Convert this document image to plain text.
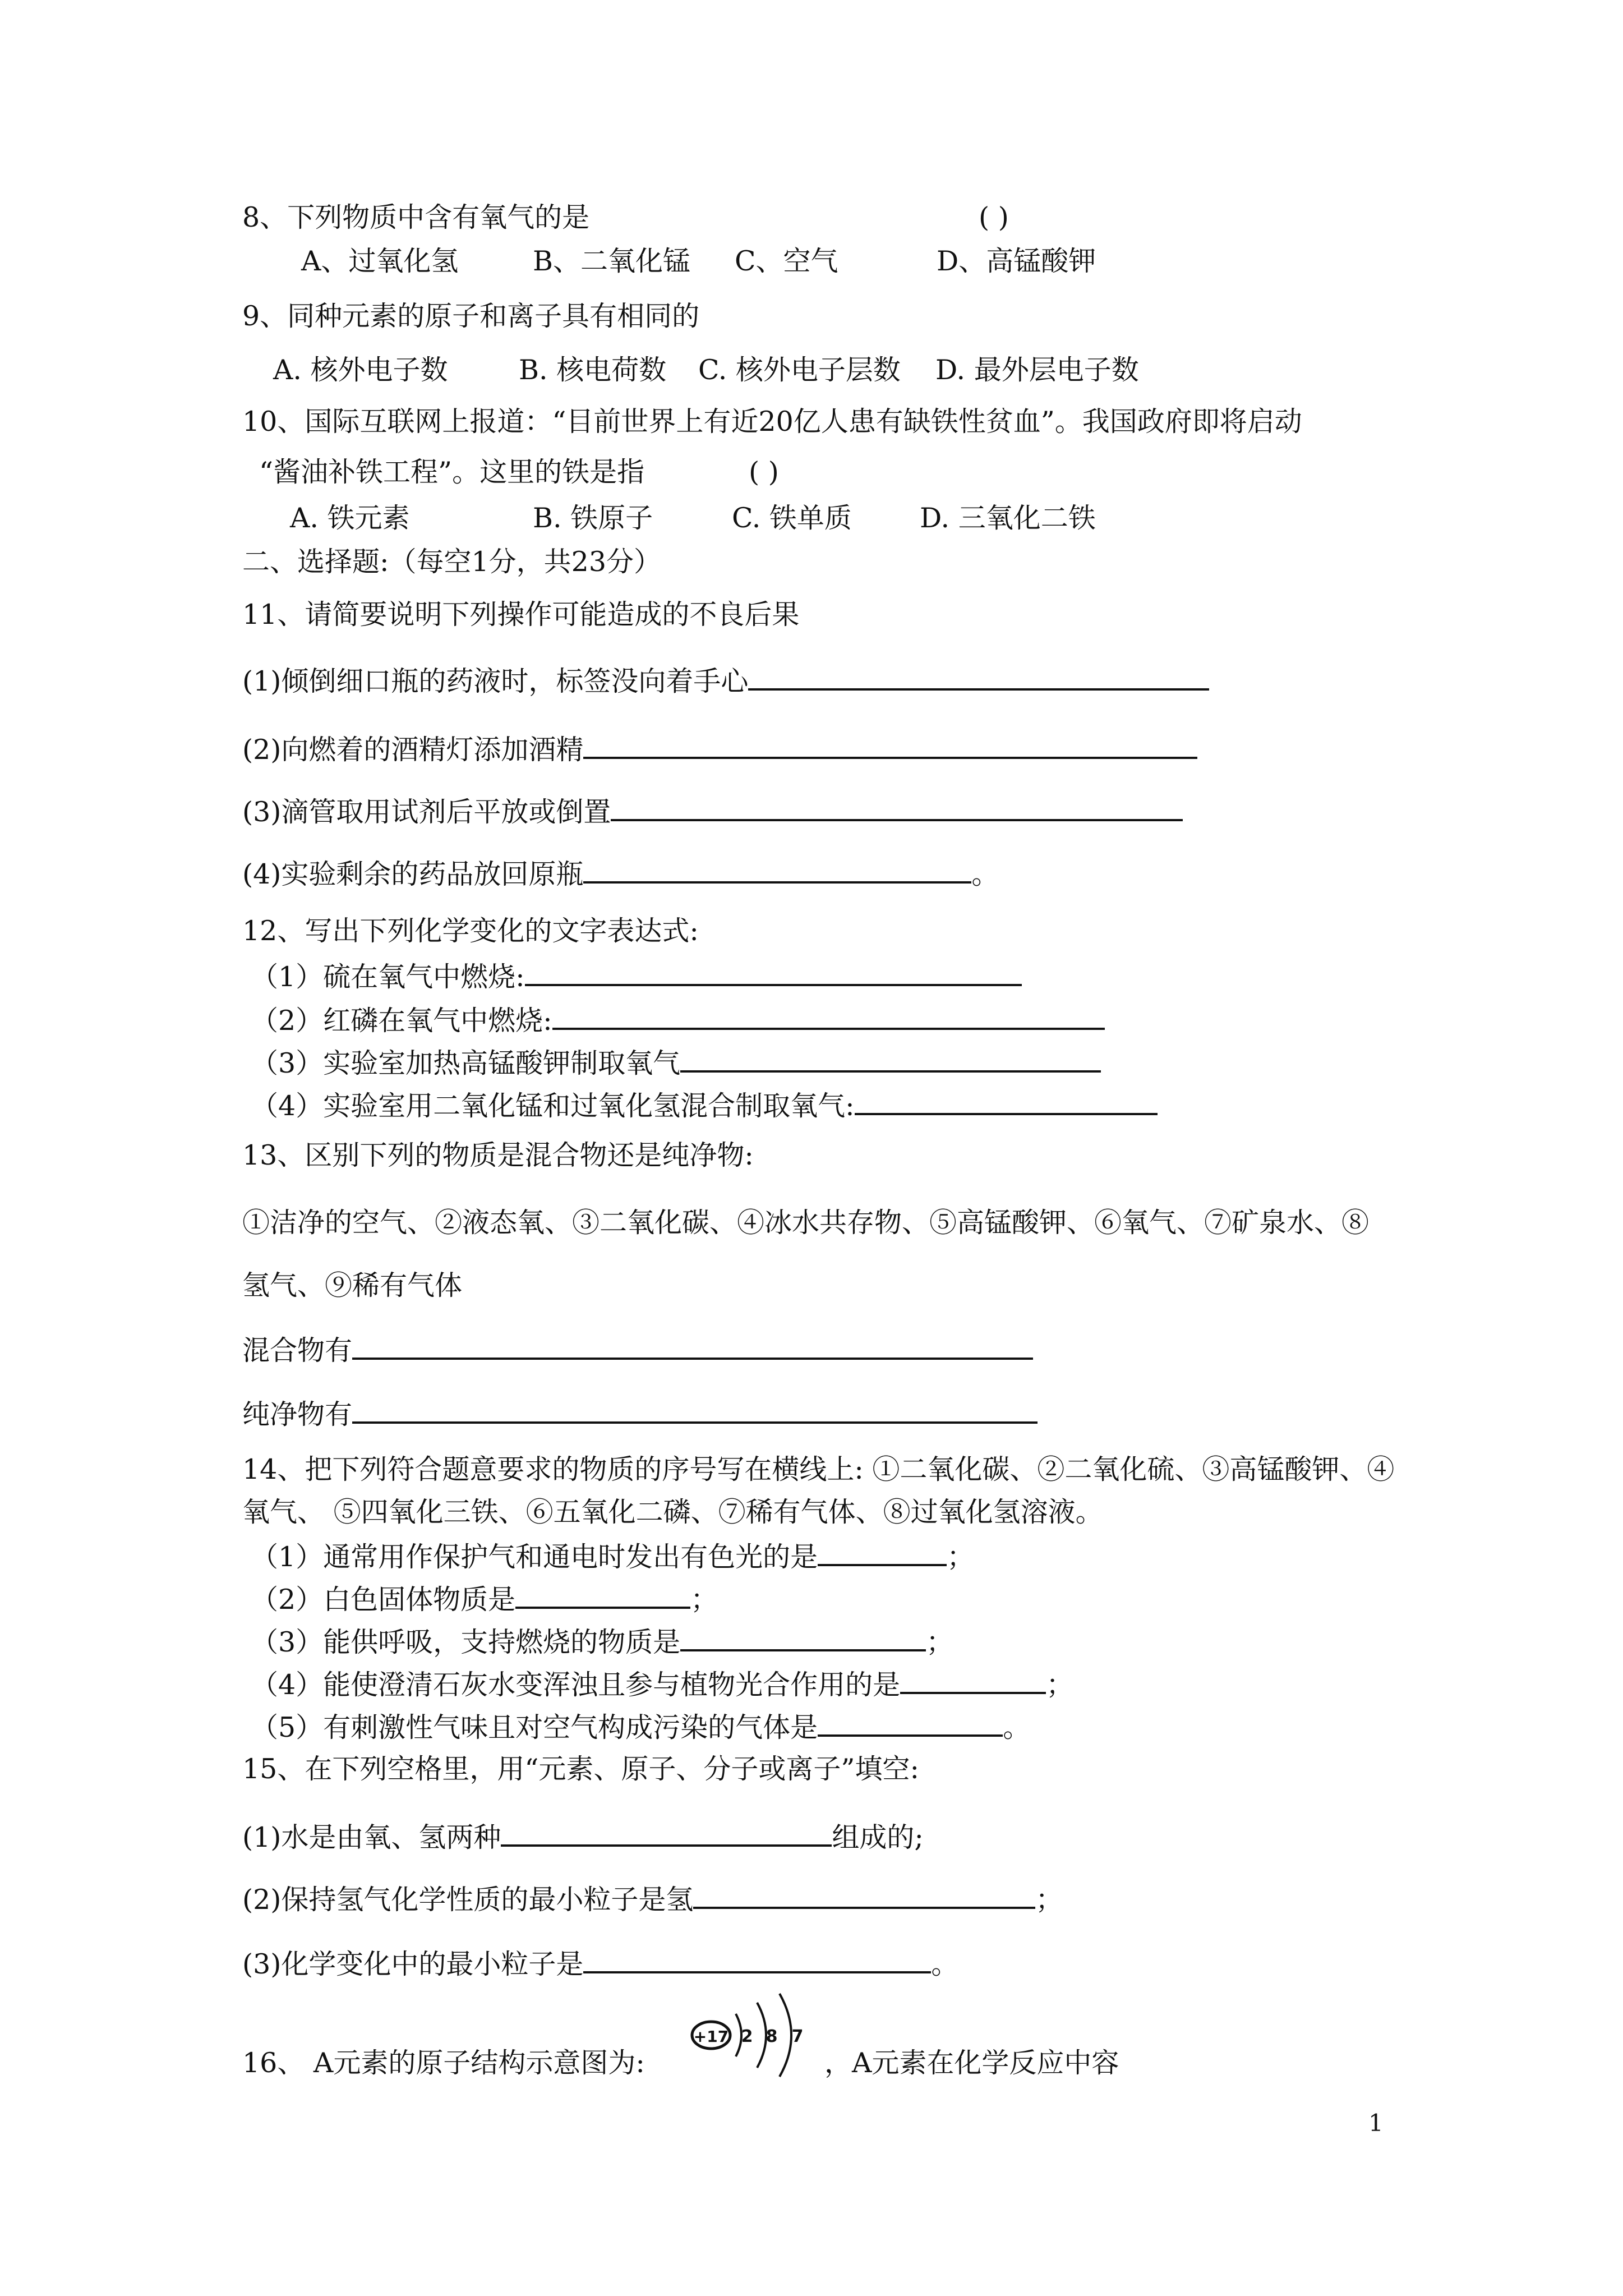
8、下列物质中含有氧气的是	( )
A、过氧化氢	B、二氧化锰 C、空气	D、高锰酸钾
9、同种元素的原子和离子具有相同的
A. 核外电子数	B. 核电荷数 C. 核外电子层数 D. 最外层电子数
10、国际互联网上报道：“目前世界上有近20亿人患有缺铁性贫血”。我国政府即将启动
“酱油补铁工程”。这里的铁是指	( )
A. 铁元素	B. 铁原子	C. 铁单质 D. 三氧化二铁
二、选择题:（每空1分，共23分）
11、请简要说明下列操作可能造成的不良后果
(1)倾倒细口瓶的药液时，标签没向着手心
(2)向燃着的酒精灯添加酒精
(3)滴管取用试剂后平放或倒置
(4)实验剩余的药品放回原瓶	。
12、写出下列化学变化的文字表达式:
（1）硫在氧气中燃烧:
（2）红磷在氧气中燃烧:
（3）实验室加热高锰酸钾制取氧气
（4）实验室用二氧化锰和过氧化氢混合制取氧气:
13、区别下列的物质是混合物还是纯净物:
①洁净的空气、②液态氧、③二氧化碳、④冰水共存物、⑤高锰酸钾、⑥氧气、⑦矿泉水、⑧
氢气、⑨稀有气体
混合物有
纯净物有
14、把下列符合题意要求的物质的序号写在横线上: ①二氧化碳、②二氧化硫、③高锰酸钾、④
氧气、 ⑤四氧化三铁、⑥五氧化二磷、⑦稀有气体、⑧过氧化氢溶液。
（1）通常用作保护气和通电时发出有色光的是	；
（2）白色固体物质是	；
（3）能供呼吸，支持燃烧的物质是	；
（4）能使澄清石灰水变浑浊且参与植物光合作用的是	；
（5）有刺激性气味且对空气构成污染的气体是	。
15、在下列空格里，用“元素、原子、分子或离子”填空:
(1)水是由氧、氢两种	组成的;
(2)保持氢气化学性质的最小粒子是氢	；
(3)化学变化中的最小粒子是	。
16、 A元素的原子结构示意图为:
+17 2 8 7
，A元素在化学反应中容
1
